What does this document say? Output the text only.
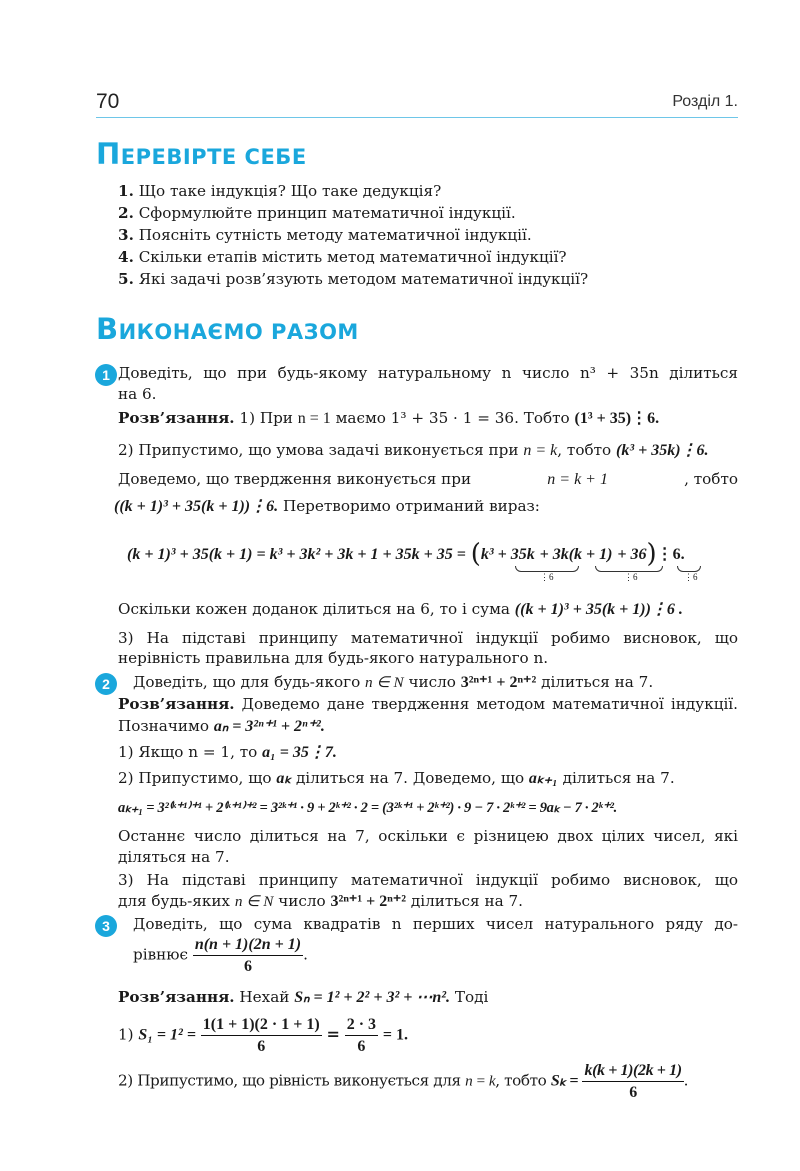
70	Розділ 1.
ПЕРЕВІРТЕ СЕБЕ
1. Що таке індукція? Що таке дедукція?
2. Сформулюйте принцип математичної індукції.
3. Поясніть сутність методу математичної індукції.
4. Скільки етапів містить метод математичної індукції?
5. Які задачі розв’язують методом математичної індукції?
ВИКОНАЄМО РАЗОМ
1 Доведіть, що при будь-якому натуральному n число n³ + 35n ділиться
на 6.
Розв’язання. 1) При n = 1 маємо 1³ + 35 · 1 = 36. Тобто (1³ + 35)⋮6.
2) Припустимо, що умова задачі виконується при n = k, тобто (k³ + 35k)⋮6.
Доведемо, що твердження виконується при	n = k + 1	, тобто
((k + 1)³ + 35(k + 1))⋮6. Перетворимо отриманий вираз:
(k + 1)³ + 35(k + 1) = k³ + 3k² + 3k + 1 + 35k + 35 = (k³ + 35k + 3k(k + 1) + 36)⋮6.
⋮6	⋮6	⋮6
Оскільки кожен доданок ділиться на 6, то і сума ((k + 1)³ + 35(k + 1))⋮6 .
3) На підставі принципу математичної індукції робимо висновок, що
нерівність правильна для будь-якого натурального n.
2	Доведіть, що для будь-якого n ∈ N число 3²ⁿ⁺¹ + 2ⁿ⁺² ділиться на 7.
Розв’язання. Доведемо дане твердження методом математичної індукції.
Позначимо aₙ = 3²ⁿ⁺¹ + 2ⁿ⁺².
1) Якщо n = 1, то a₁ = 35⋮7.
2) Припустимо, що aₖ ділиться на 7. Доведемо, що aₖ₊₁ ділиться на 7.
aₖ₊₁ = 3²⁽ᵏ⁺¹⁾⁺¹ + 2⁽ᵏ⁺¹⁾⁺² = 3²ᵏ⁺¹ · 9 + 2ᵏ⁺² · 2 = (3²ᵏ⁺¹ + 2ᵏ⁺²) · 9 − 7 · 2ᵏ⁺² = 9aₖ − 7 · 2ᵏ⁺².
Останнє число ділиться на 7, оскільки є різницею двох цілих чисел, які
діляться на 7.
3) На підставі принципу математичної індукції робимо висновок, що
для будь-яких n ∈ N число 3²ⁿ⁺¹ + 2ⁿ⁺² ділиться на 7.
3	Доведіть, що сума квадратів n перших чисел натурального ряду до-
рівнює $\frac{n(n + 1)(2n + 1)}{6}$ .
Розв’язання. Нехай Sₙ = 1² + 2² + 3² + ⋯n². Тоді
1) $S_1 = 1^2 = \frac{1(1 + 1)(2 \cdot 1 + 1)}{6} = \frac{2 \cdot 3}{6} = 1$.
2) Припустимо, що рівність виконується для n = k, тобто $S_k = \frac{k(k + 1)(2k + 1)}{6}$ .
